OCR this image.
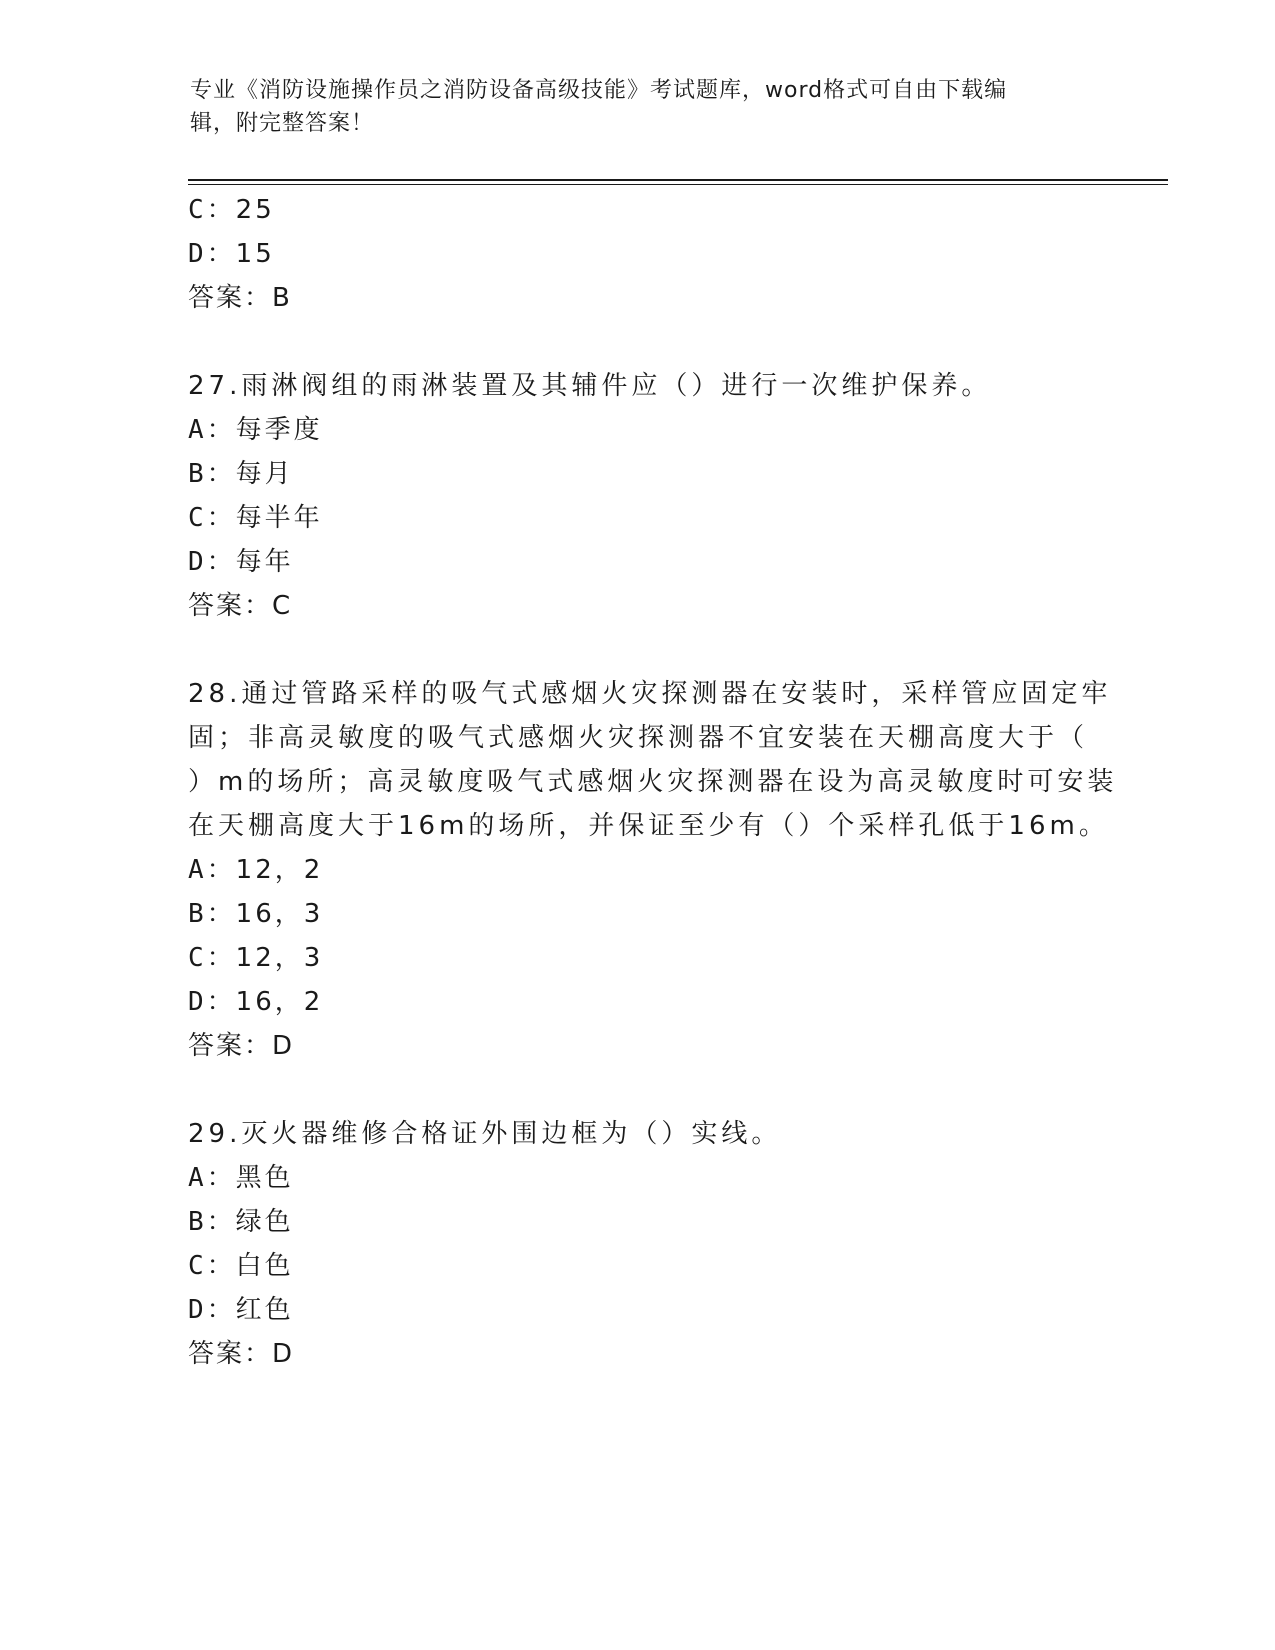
专业《消防设施操作员之消防设备高级技能》考试题库，word格式可自由下载编
辑，附完整答案！
C：25
D：15
答案：B
27.雨淋阀组的雨淋装置及其辅件应（）进行一次维护保养。
A：每季度
B：每月
C：每半年
D：每年
答案：C
28.通过管路采样的吸气式感烟火灾探测器在安装时，采样管应固定牢
固；非高灵敏度的吸气式感烟火灾探测器不宜安装在天棚高度大于（
）m的场所；高灵敏度吸气式感烟火灾探测器在设为高灵敏度时可安装
在天棚高度大于16m的场所，并保证至少有（）个采样孔低于16m。
A：12，2
B：16，3
C：12，3
D：16，2
答案：D
29.灭火器维修合格证外围边框为（）实线。
A：黑色
B：绿色
C：白色
D：红色
答案：D
